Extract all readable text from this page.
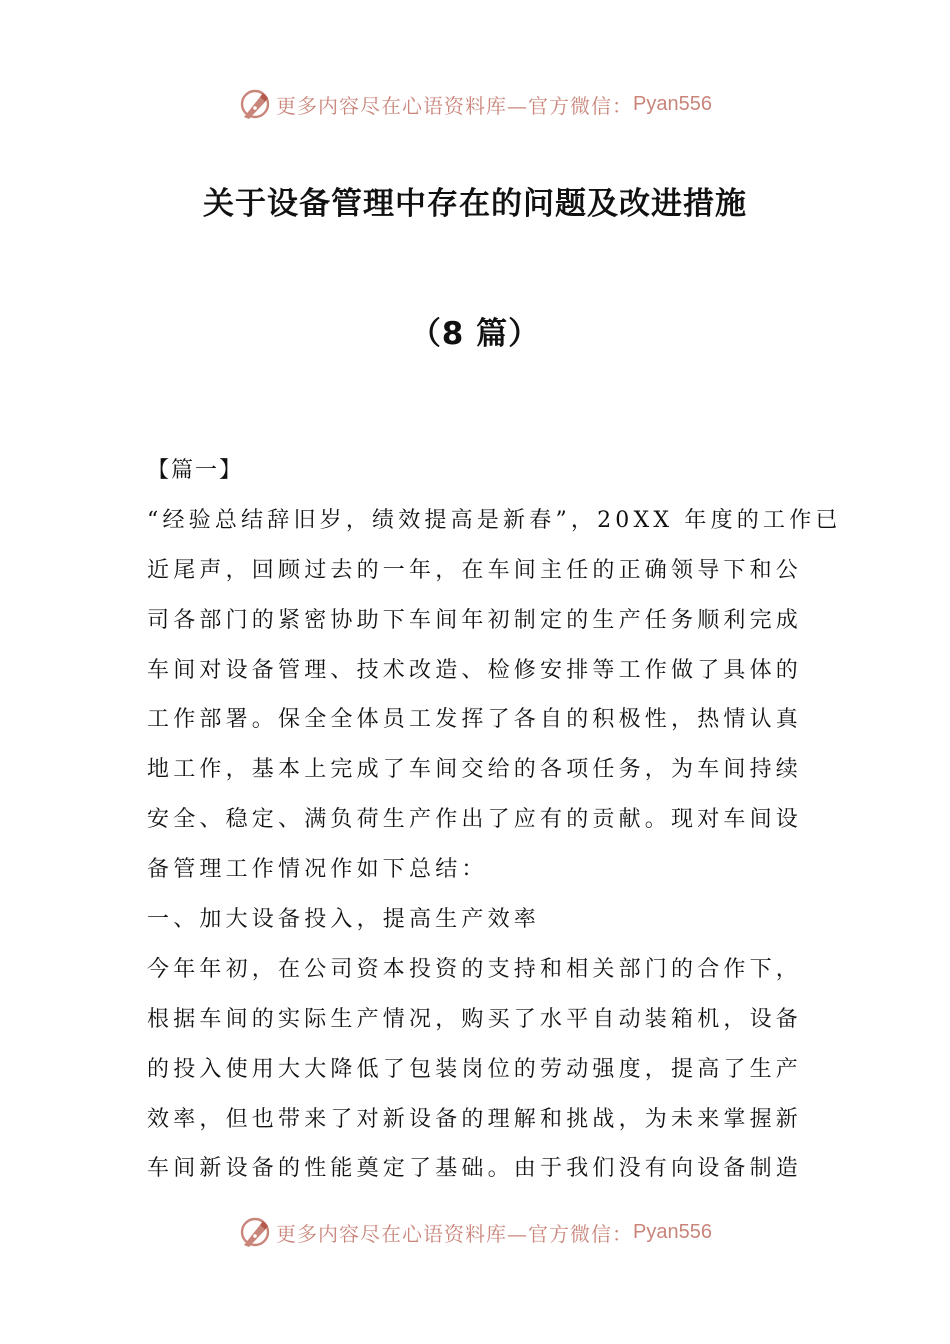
更多内容尽在心语资料库—官方微信： Pyan556
关于设备管理中存在的问题及改进措施
（8 篇）
【篇一】
“经验总结辞旧岁，绩效提高是新春”，20XX 年度的工作已
近尾声，回顾过去的一年，在车间主任的正确领导下和公
司各部门的紧密协助下车间年初制定的生产任务顺利完成
车间对设备管理、技术改造、检修安排等工作做了具体的
工作部署。保全全体员工发挥了各自的积极性，热情认真
地工作，基本上完成了车间交给的各项任务，为车间持续
安全、稳定、满负荷生产作出了应有的贡献。现对车间设
备管理工作情况作如下总结：
一、加大设备投入，提高生产效率
今年年初，在公司资本投资的支持和相关部门的合作下，
根据车间的实际生产情况，购买了水平自动装箱机，设备
的投入使用大大降低了包装岗位的劳动强度，提高了生产
效率，但也带来了对新设备的理解和挑战，为未来掌握新
车间新设备的性能奠定了基础。由于我们没有向设备制造
更多内容尽在心语资料库—官方微信： Pyan556
